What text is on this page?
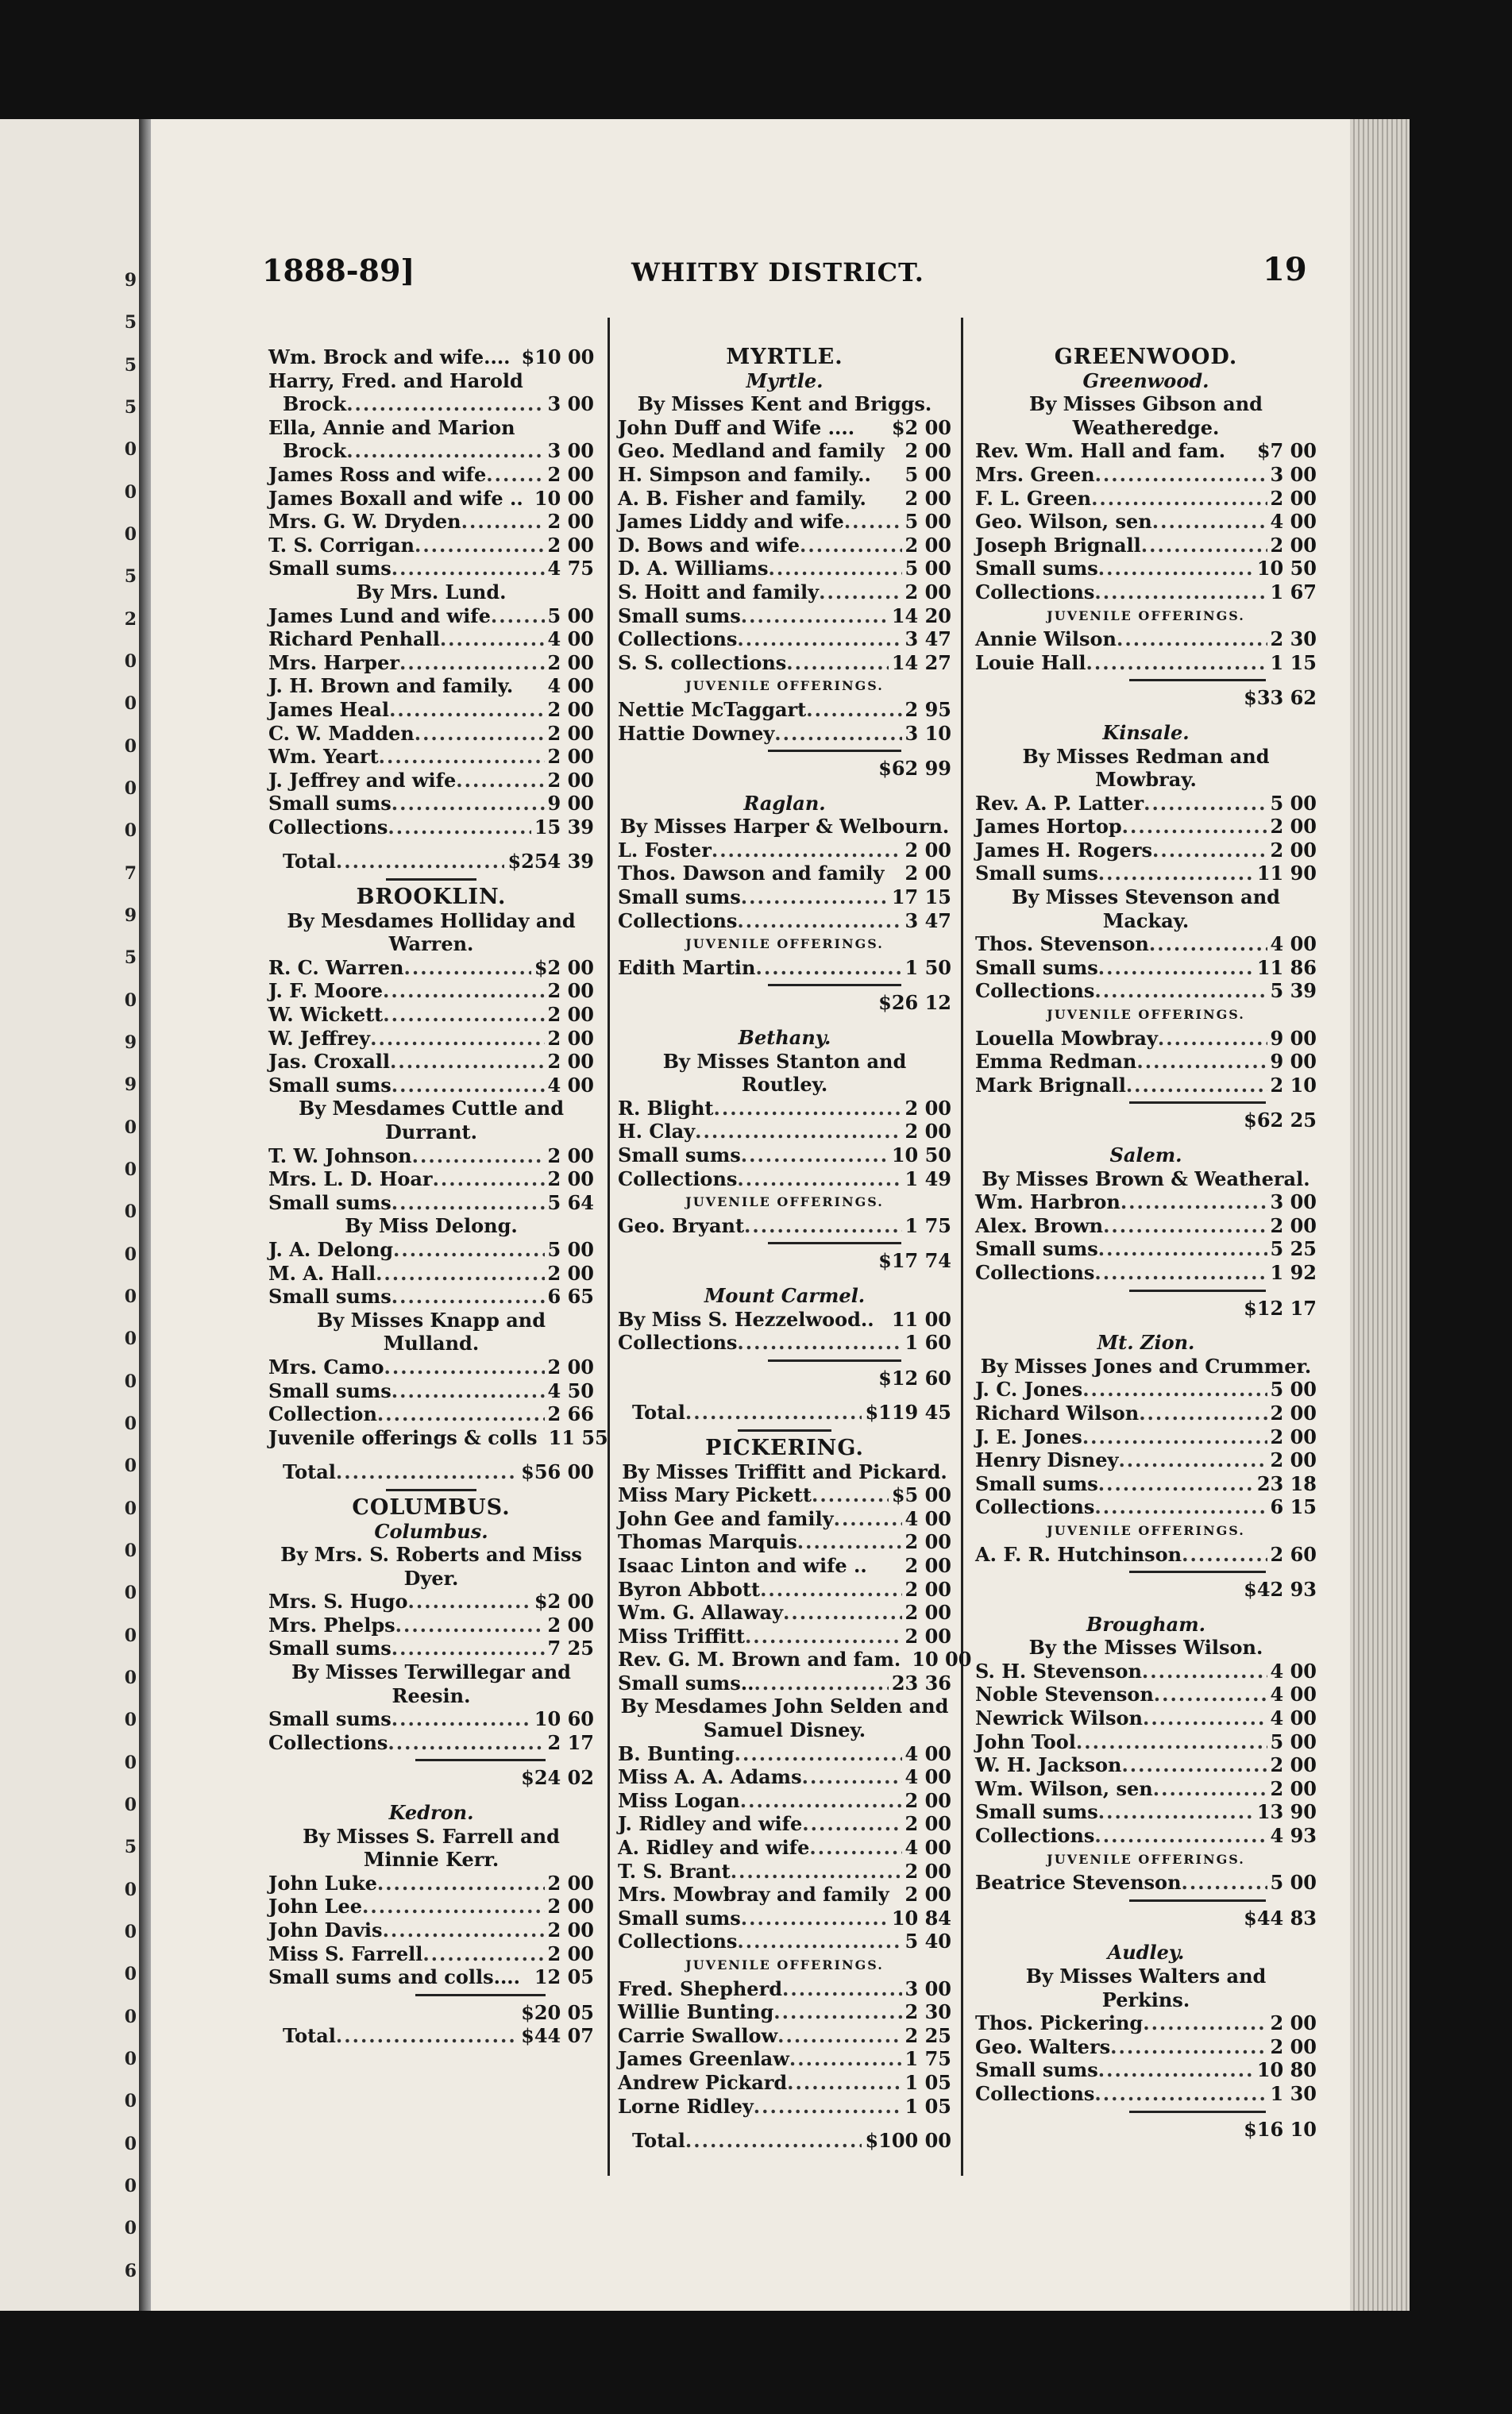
9
5
5
5
0
0
0
5
2
0
0
0
0
0
7
9
5
0
9
9
0
0
0
0
0
0
0
0
0
0
0
0
0
0
0
0
0
5
0
0
0
0
0
0
0
0
0
6
1888-89]	WHITBY DISTRICT.	19
Wm. Brock and wife.... $10 00
Harry, Fred. and Harold
Brock .....	3 00
Ella, Annie and Marion
Brock .....	3 00
James Ross and wife .....	2 00
James Boxall and wife .. 10 00
Mrs. G. W. Dryden .....	2 00
T. S. Corrigan .....	2 00
Small sums .....	4 75
By Mrs. Lund.
James Lund and wife .....	5 00
Richard Penhall .....	4 00
Mrs. Harper .....	2 00
J. H. Brown and family. 4 00
James Heal .....	2 00
C. W. Madden .....	2 00
Wm. Yeart .....	2 00
J. Jeffrey and wife .....	2 00
Small sums .....	9 00
Collections .....	15 39
Total .....	$254 39
BROOKLIN.
By Mesdames Holliday and
Warren.
R. C. Warren .....	$2 00
J. F. Moore .....	2 00
W. Wickett .....	2 00
W. Jeffrey .....	2 00
Jas. Croxall .....	2 00
Small sums .....	4 00
By Mesdames Cuttle and
Durrant.
T. W. Johnson .....	2 00
Mrs. L. D. Hoar .....	2 00
Small sums .....	5 64
By Miss Delong.
J. A. Delong .....	5 00
M. A. Hall .....	2 00
Small sums .....	6 65
By Misses Knapp and Mulland.
Mrs. Camo .....	2 00
Small sums .....	4 50
Collection .....	2 66
Juvenile offerings & colls 11 55
Total .....	$56 00
COLUMBUS.
Columbus.
By Mrs. S. Roberts and Miss
Dyer.
Mrs. S. Hugo .....	$2 00
Mrs. Phelps .....	2 00
Small sums .....	7 25
By Misses Terwillegar and
Reesin.
Small sums .....	10 60
Collections .....	2 17
$24 02
Kedron.
By Misses S. Farrell and
Minnie Kerr.
John Luke .....	2 00
John Lee .....	2 00
John Davis .....	2 00
Miss S. Farrell .....	2 00
Small sums and colls.... 12 05
$20 05
Total .....	$44 07
MYRTLE.
Myrtle.
By Misses Kent and Briggs.
John Duff and Wife .... $2 00
Geo. Medland and family 2 00
H. Simpson and family.. 5 00
A. B. Fisher and family. 2 00
James Liddy and wife .....	5 00
D. Bows and wife .....	2 00
D. A. Williams .....	5 00
S. Hoitt and family .....	2 00
Small sums .....	14 20
Collections .....	3 47
S. S. collections .....	14 27
JUVENILE OFFERINGS.
Nettie McTaggart .....	2 95
Hattie Downey .....	3 10
$62 99
Raglan.
By Misses Harper & Welbourn.
L. Foster .....	2 00
Thos. Dawson and family 2 00
Small sums .....	17 15
Collections .....	3 47
JUVENILE OFFERINGS.
Edith Martin .....	1 50
$26 12
Bethany.
By Misses Stanton and Routley.
R. Blight .....	2 00
H. Clay .....	2 00
Small sums .....	10 50
Collections .....	1 49
JUVENILE OFFERINGS.
Geo. Bryant .....	1 75
$17 74
Mount Carmel.
By Miss S. Hezzelwood.. 11 00
Collections .....	1 60
$12 60
Total .....	$119 45
PICKERING.
By Misses Triffitt and Pickard.
Miss Mary Pickett .....	$5 00
John Gee and family .....	4 00
Thomas Marquis .....	2 00
Isaac Linton and wife .. 2 00
Byron Abbott .....	2 00
Wm. G. Allaway .....	2 00
Miss Triffitt .....	2 00
Rev. G. M. Brown and fam. 10 00
Small sums.. .....	23 36
By Mesdames John Selden and
Samuel Disney.
B. Bunting .....	4 00
Miss A. A. Adams .....	4 00
Miss Logan .....	2 00
J. Ridley and wife .....	2 00
A. Ridley and wife .....	4 00
T. S. Brant .....	2 00
Mrs. Mowbray and family 2 00
Small sums .....	10 84
Collections .....	5 40
JUVENILE OFFERINGS.
Fred. Shepherd .....	3 00
Willie Bunting .....	2 30
Carrie Swallow .....	2 25
James Greenlaw .....	1 75
Andrew Pickard .....	1 05
Lorne Ridley .....	1 05
Total .....	$100 00
GREENWOOD.
Greenwood.
By Misses Gibson and
Weatheredge.
Rev. Wm. Hall and fam. $7 00
Mrs. Green .....	3 00
F. L. Green .....	2 00
Geo. Wilson, sen .....	4 00
Joseph Brignall .....	2 00
Small sums .....	10 50
Collections .....	1 67
JUVENILE OFFERINGS.
Annie Wilson .....	2 30
Louie Hall .....	1 15
$33 62
Kinsale.
By Misses Redman and
Mowbray.
Rev. A. P. Latter .....	5 00
James Hortop .....	2 00
James H. Rogers .....	2 00
Small sums .....	11 90
By Misses Stevenson and
Mackay.
Thos. Stevenson .....	4 00
Small sums .....	11 86
Collections .....	5 39
JUVENILE OFFERINGS.
Louella Mowbray .....	9 00
Emma Redman .....	9 00
Mark Brignall .....	2 10
$62 25
Salem.
By Misses Brown & Weatheral.
Wm. Harbron .....	3 00
Alex. Brown .....	2 00
Small sums .....	5 25
Collections .....	1 92
$12 17
Mt. Zion.
By Misses Jones and Crummer.
J. C. Jones .....	5 00
Richard Wilson .....	2 00
J. E. Jones .....	2 00
Henry Disney .....	2 00
Small sums .....	23 18
Collections .....	6 15
JUVENILE OFFERINGS.
A. F. R. Hutchinson .....	2 60
$42 93
Brougham.
By the Misses Wilson.
S. H. Stevenson .....	4 00
Noble Stevenson .....	4 00
Newrick Wilson .....	4 00
John Tool .....	5 00
W. H. Jackson .....	2 00
Wm. Wilson, sen .....	2 00
Small sums .....	13 90
Collections .....	4 93
JUVENILE OFFERINGS.
Beatrice Stevenson .....	5 00
$44 83
Audley.
By Misses Walters and
Perkins.
Thos. Pickering .....	2 00
Geo. Walters .....	2 00
Small sums .....	10 80
Collections .....	1 30
$16 10
